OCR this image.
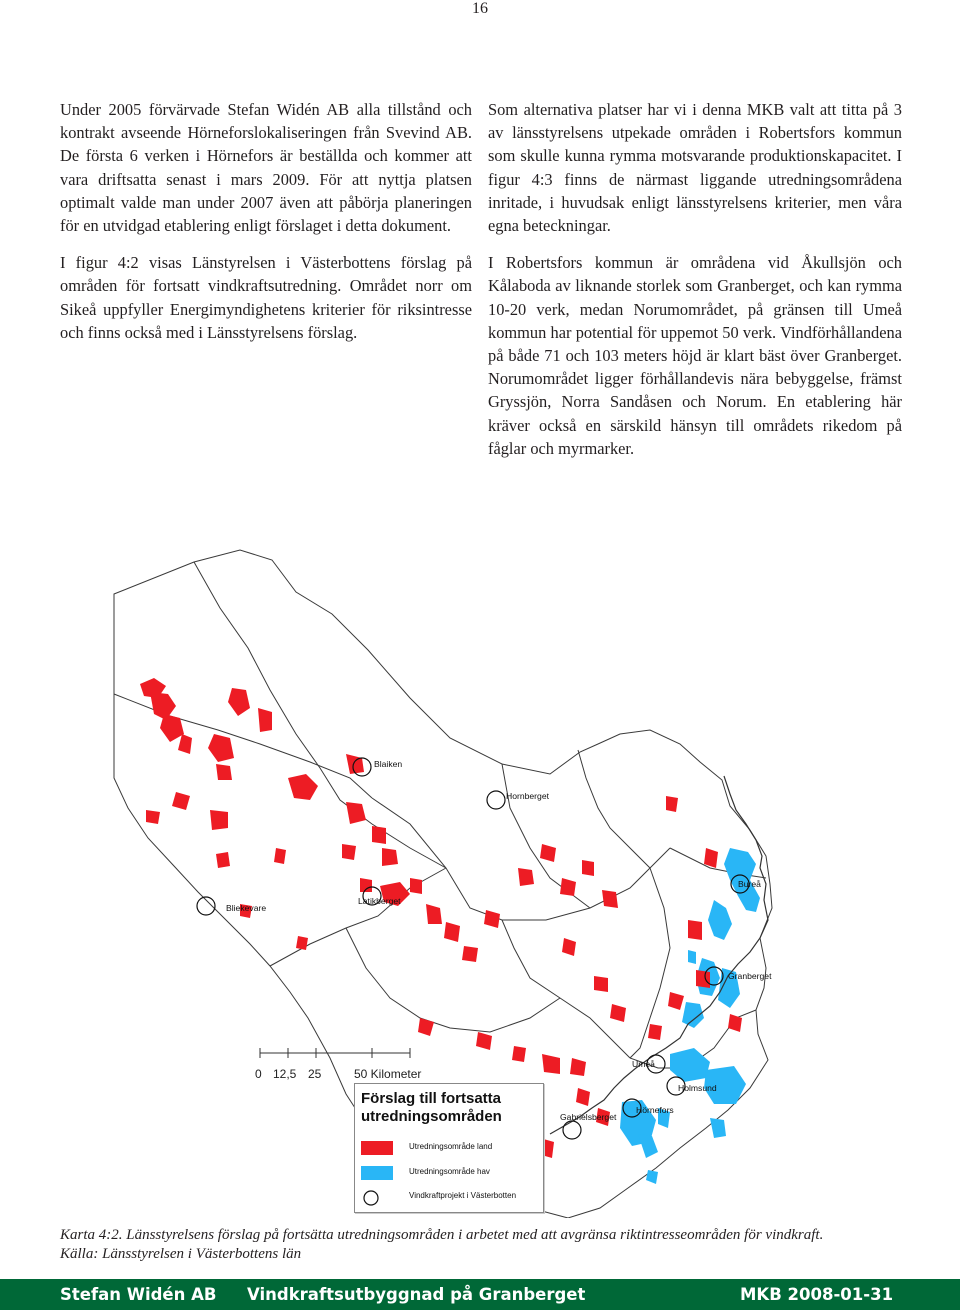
16

Under 2005 förvärvade Stefan Widén AB alla tillstånd och kontrakt avseende Hörneforslokaliseringen från Svevind AB. De första 6 verken i Hörnefors är beställda och kommer att vara driftsatta senast i mars 2009. För att nyttja platsen optimalt valde man under 2007 även att påbörja planeringen för en utvidgad etablering enligt förslaget i detta dokument.

I figur 4:2 visas Länstyrelsen i Västerbottens förslag på områden för fortsatt vindkraftsutredning. Området norr om Sikeå uppfyller Energimyndighetens kriterier för riksintresse och finns också med i Länsstyrelsens förslag.

Som alternativa platser har vi i denna MKB valt att titta på 3 av länsstyrelsens utpekade områden i Robertsfors kommun som skulle kunna rymma motsvarande produktionskapacitet. I figur 4:3 finns de närmast liggande utredningsområdena inritade, i huvudsak enligt länsstyrelsens kriterier, men våra egna beteckningar.

I Robertsfors kommun är områdena vid Åkullsjön och Kålaboda av liknande storlek som Granberget, och kan rymma 10-20 verk, medan Norumområdet, på gränsen till Umeå kommun har potential för uppemot 50 verk. Vindförhållandena på både 71 och 103 meters höjd är klart bäst över Granberget. Norumområdet ligger förhållandevis nära bebyggelse, främst Gryssjön, Norra Sandåsen och Norum. En etablering här kräver också en särskild hänsyn till områdets rikedom på fåglar och myrmarker.

Blaiken
Hornberget
Bureå
Bliekevare
Latikberget
Granberget
Umeå
Holmsund
Gabrielsberget
Hörnefors
0 12,5 25	50 Kilometer
Förslag till fortsatta utredningsområden
Utredningsområde land
Utredningsområde hav
Vindkraftprojekt i Västerbotten
Karta 4:2. Länsstyrelsens förslag på fortsätta utredningsområden i arbetet med att avgränsa riktintresseområden för vindkraft.
Källa: Länsstyrelsen i Västerbottens län
Stefan Widén AB Vindkraftsutbyggnad på Granberget	MKB 2008-01-31
